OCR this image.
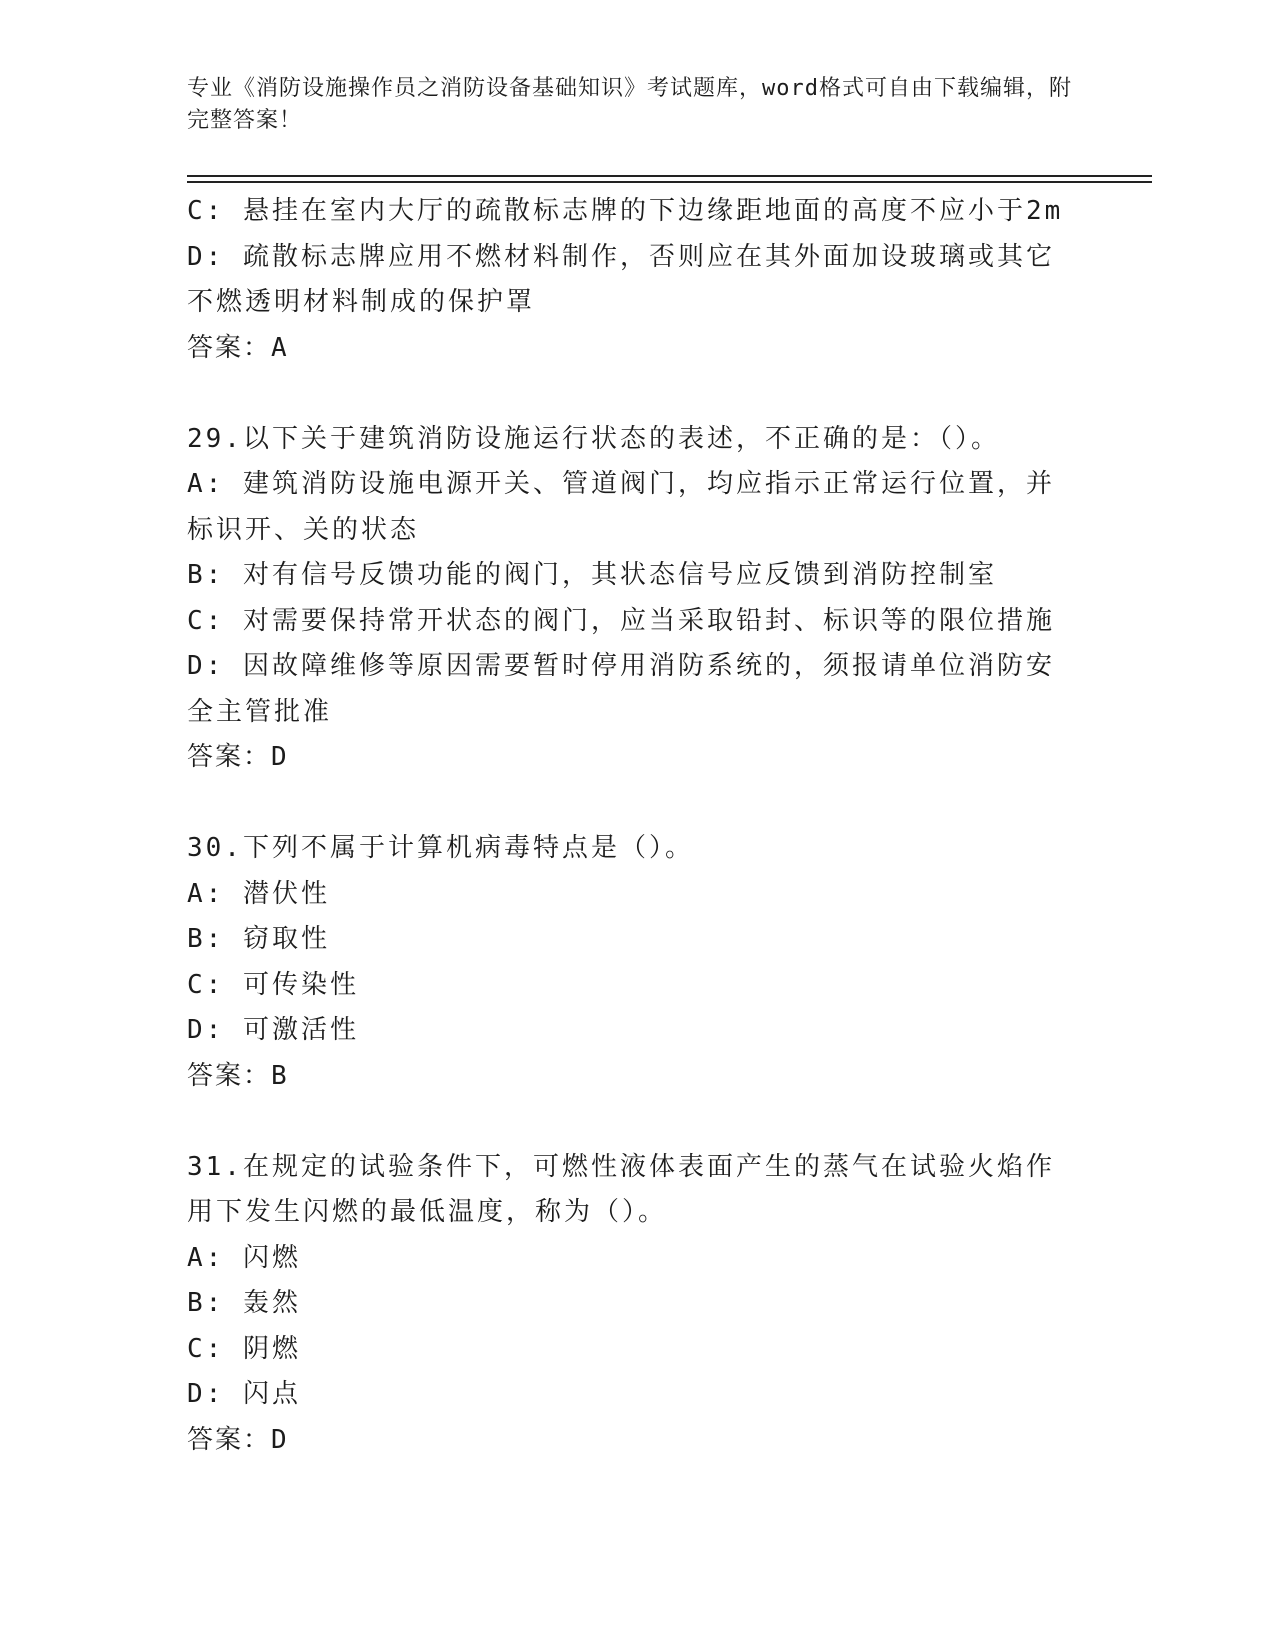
专业《消防设施操作员之消防设备基础知识》考试题库，word格式可自由下载编辑，附完整答案！
C: 悬挂在室内大厅的疏散标志牌的下边缘距地面的高度不应小于2m
D: 疏散标志牌应用不燃材料制作，否则应在其外面加设玻璃或其它不燃透明材料制成的保护罩
答案：A
29.以下关于建筑消防设施运行状态的表述，不正确的是：（）。
A: 建筑消防设施电源开关、管道阀门，均应指示正常运行位置，并标识开、关的状态
B: 对有信号反馈功能的阀门，其状态信号应反馈到消防控制室
C: 对需要保持常开状态的阀门，应当采取铅封、标识等的限位措施
D: 因故障维修等原因需要暂时停用消防系统的，须报请单位消防安全主管批准
答案：D
30.下列不属于计算机病毒特点是（）。
A: 潜伏性
B: 窃取性
C: 可传染性
D: 可激活性
答案：B
31.在规定的试验条件下，可燃性液体表面产生的蒸气在试验火焰作用下发生闪燃的最低温度，称为（）。
A: 闪燃
B: 轰然
C: 阴燃
D: 闪点
答案：D
